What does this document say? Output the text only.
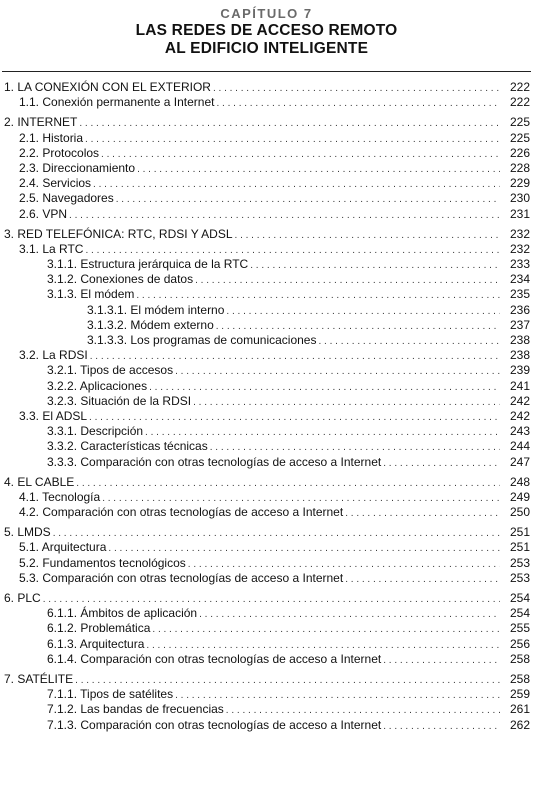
CAPÍTULO 7
LAS REDES DE ACCESO REMOTO
AL EDIFICIO INTELIGENTE
1. LA CONEXIÓN CON EL EXTERIOR . . .	222
1.1. Conexión permanente a Internet . . .	222
2. INTERNET . . .	225
2.1. Historia . . .	225
2.2. Protocolos . . .	226
2.3. Direccionamiento . . .	228
2.4. Servicios . . .	229
2.5. Navegadores . . .	230
2.6. VPN . . .	231
3. RED TELEFÓNICA: RTC, RDSI Y ADSL . . .	232
3.1. La RTC . . .	232
3.1.1. Estructura jerárquica de la RTC . . .	233
3.1.2. Conexiones de datos . . .	234
3.1.3. El módem . . .	235
3.1.3.1. El módem interno . . .	236
3.1.3.2. Módem externo . . .	237
3.1.3.3. Los programas de comunicaciones . . .	238
3.2. La RDSI . . .	238
3.2.1. Tipos de accesos . . .	239
3.2.2. Aplicaciones . . .	241
3.2.3. Situación de la RDSI . . .	242
3.3. El ADSL . . .	242
3.3.1. Descripción . . .	243
3.3.2. Características técnicas . . .	244
3.3.3. Comparación con otras tecnologías de acceso a Internet . . .	247
4. EL CABLE . . .	248
4.1. Tecnología . . .	249
4.2. Comparación con otras tecnologías de acceso a Internet . . .	250
5. LMDS . . .	251
5.1. Arquitectura . . .	251
5.2. Fundamentos tecnológicos . . .	253
5.3. Comparación con otras tecnologías de acceso a Internet . . .	253
6. PLC . . .	254
6.1.1. Ámbitos de aplicación . . .	254
6.1.2. Problemática . . .	255
6.1.3. Arquitectura . . .	256
6.1.4. Comparación con otras tecnologías de acceso a Internet . . .	258
7. SATÉLITE . . .	258
7.1.1. Tipos de satélites . . .	259
7.1.2. Las bandas de frecuencias . . .	261
7.1.3. Comparación con otras tecnologías de acceso a Internet . . .	262
